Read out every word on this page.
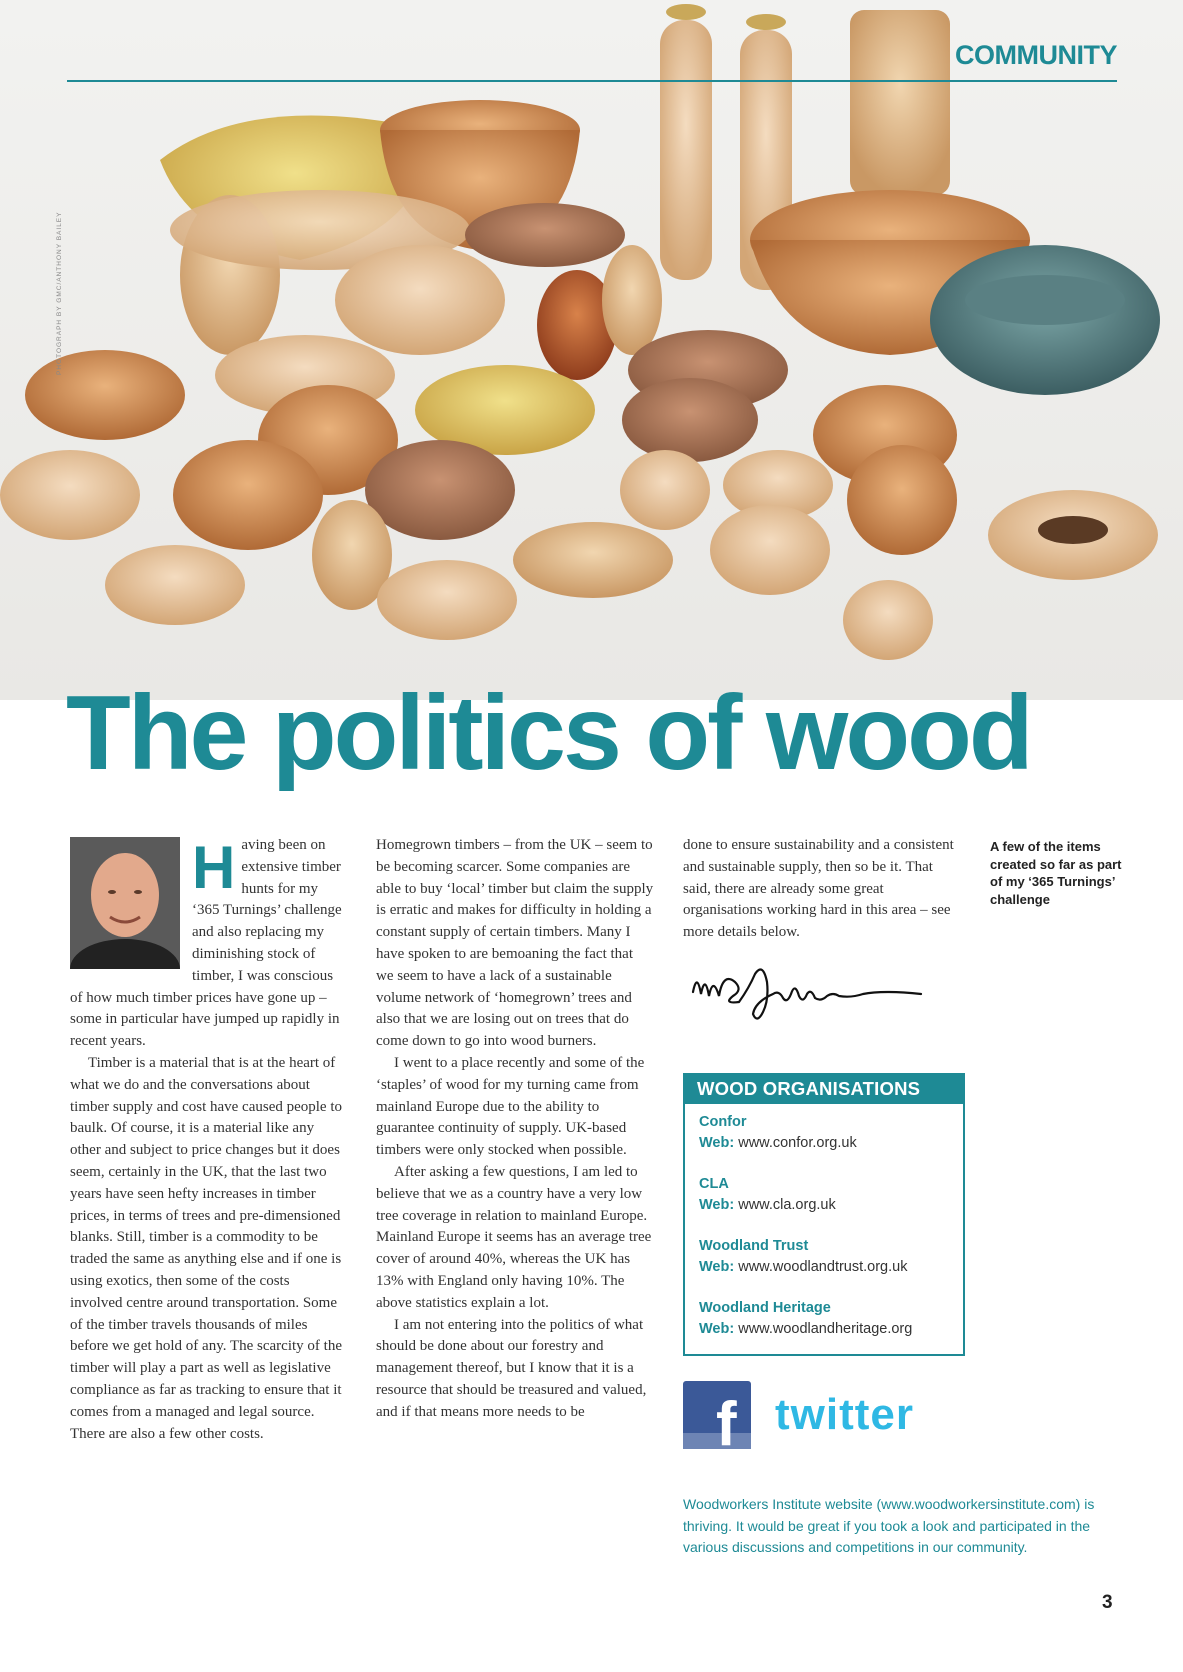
COMMUNITY
PHOTOGRAPH BY GMC/ANTHONY BAILEY
The politics of wood
H aving been on extensive timber hunts for my ‘365 Turnings’ challenge and also replacing my diminishing stock of timber, I was conscious of how much timber prices have gone up – some in particular have jumped up rapidly in recent years.

Timber is a material that is at the heart of what we do and the conversations about timber supply and cost have caused people to baulk. Of course, it is a material like any other and subject to price changes but it does seem, certainly in the UK, that the last two years have seen hefty increases in timber prices, in terms of trees and pre-dimensioned blanks. Still, timber is a commodity to be traded the same as anything else and if one is using exotics, then some of the costs involved centre around transportation. Some of the timber travels thousands of miles before we get hold of any. The scarcity of the timber will play a part as well as legislative compliance as far as tracking to ensure that it comes from a managed and legal source. There are also a few other costs.

Homegrown timbers – from the UK – seem to be becoming scarcer. Some companies are able to buy ‘local’ timber but claim the supply is erratic and makes for difficulty in holding a constant supply of certain timbers. Many I have spoken to are bemoaning the fact that we seem to have a lack of a sustainable volume network of ‘homegrown’ trees and also that we are losing out on trees that do come down to go into wood burners.

I went to a place recently and some of the ‘staples’ of wood for my turning came from mainland Europe due to the ability to guarantee continuity of supply. UK-based timbers were only stocked when possible.

After asking a few questions, I am led to believe that we as a country have a very low tree coverage in relation to mainland Europe. Mainland Europe it seems has an average tree cover of around 40%, whereas the UK has 13% with England only having 10%. The above statistics explain a lot.

I am not entering into the politics of what should be done about our forestry and management thereof, but I know that it is a resource that should be treasured and valued, and if that means more needs to be

done to ensure sustainability and a consistent and sustainable supply, then so be it. That said, there are already some great organisations working hard in this area – see more details below.

WOOD ORGANISATIONS
Confor
Web: www.confor.org.uk
CLA
Web: www.cla.org.uk
Woodland Trust
Web: www.woodlandtrust.org.uk
Woodland Heritage
Web: www.woodlandheritage.org
f twitter
Woodworkers Institute website (www.woodworkersinstitute.com) is thriving. It would be great if you took a look and participated in the various discussions and competitions in our community.
A few of the items created so far as part of my ‘365 Turnings’ challenge
3
